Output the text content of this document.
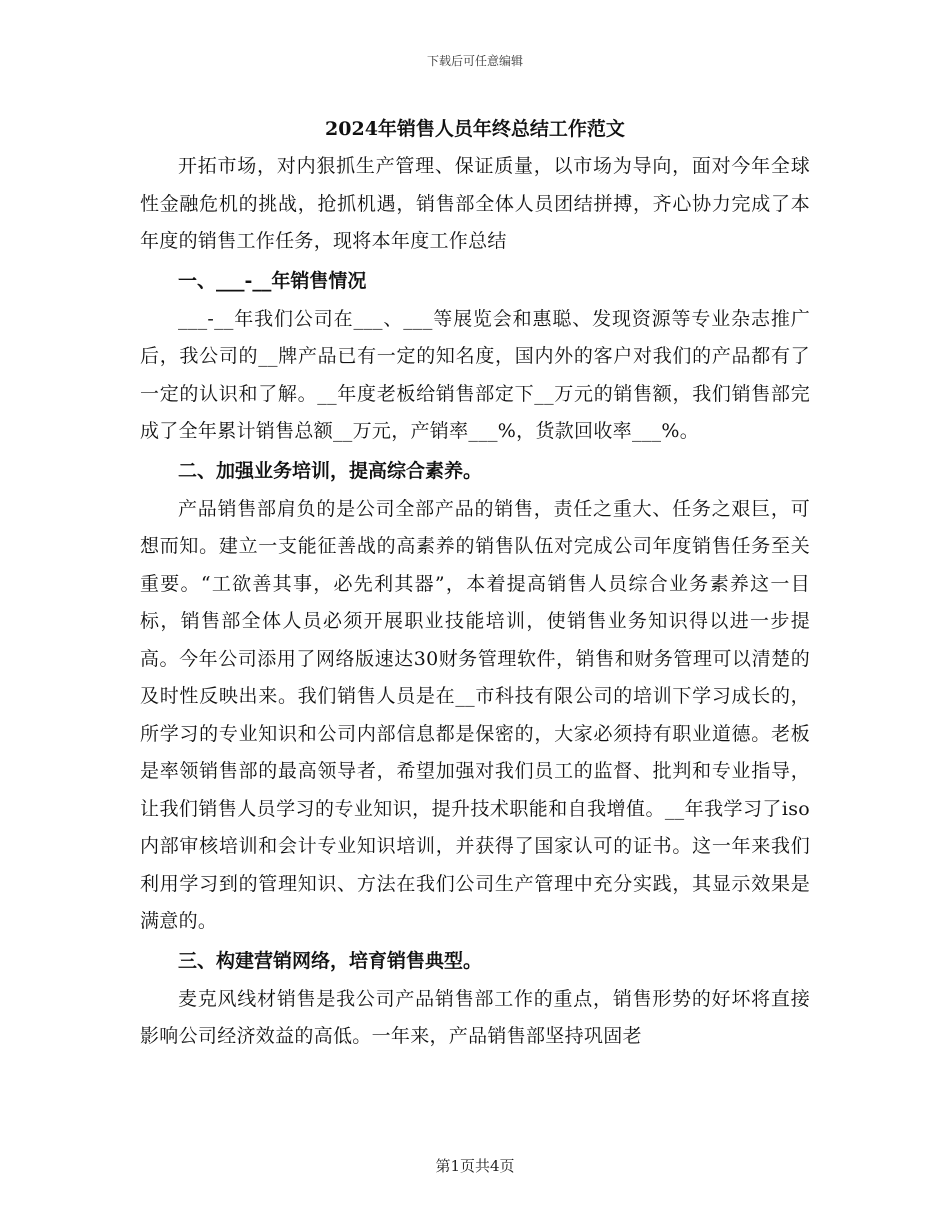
下载后可任意编辑
2024年销售人员年终总结工作范文

开拓市场，对内狠抓生产管理、保证质量，以市场为导向，面对今年全球性金融危机的挑战，抢抓机遇，销售部全体人员团结拼搏，齐心协力完成了本年度的销售工作任务，现将本年度工作总结

一、___-__年销售情况

___-__年我们公司在___、___等展览会和惠聪、发现资源等专业杂志推广后，我公司的__牌产品已有一定的知名度，国内外的客户对我们的产品都有了一定的认识和了解。__年度老板给销售部定下__万元的销售额，我们销售部完成了全年累计销售总额__万元，产销率___%，货款回收率___%。

二、加强业务培训，提高综合素养。

产品销售部肩负的是公司全部产品的销售，责任之重大、任务之艰巨，可想而知。建立一支能征善战的高素养的销售队伍对完成公司年度销售任务至关重要。“工欲善其事，必先利其器”，本着提高销售人员综合业务素养这一目标，销售部全体人员必须开展职业技能培训，使销售业务知识得以进一步提高。今年公司添用了网络版速达30财务管理软件，销售和财务管理可以清楚的及时性反映出来。我们销售人员是在__市科技有限公司的培训下学习成长的，所学习的专业知识和公司内部信息都是保密的，大家必须持有职业道德。老板是率领销售部的最高领导者，希望加强对我们员工的监督、批判和专业指导，让我们销售人员学习的专业知识，提升技术职能和自我增值。__年我学习了iso内部审核培训和会计专业知识培训，并获得了国家认可的证书。这一年来我们利用学习到的管理知识、方法在我们公司生产管理中充分实践，其显示效果是满意的。

三、构建营销网络，培育销售典型。

麦克风线材销售是我公司产品销售部工作的重点，销售形势的好坏将直接影响公司经济效益的高低。一年来，产品销售部坚持巩固老

第1页共4页
